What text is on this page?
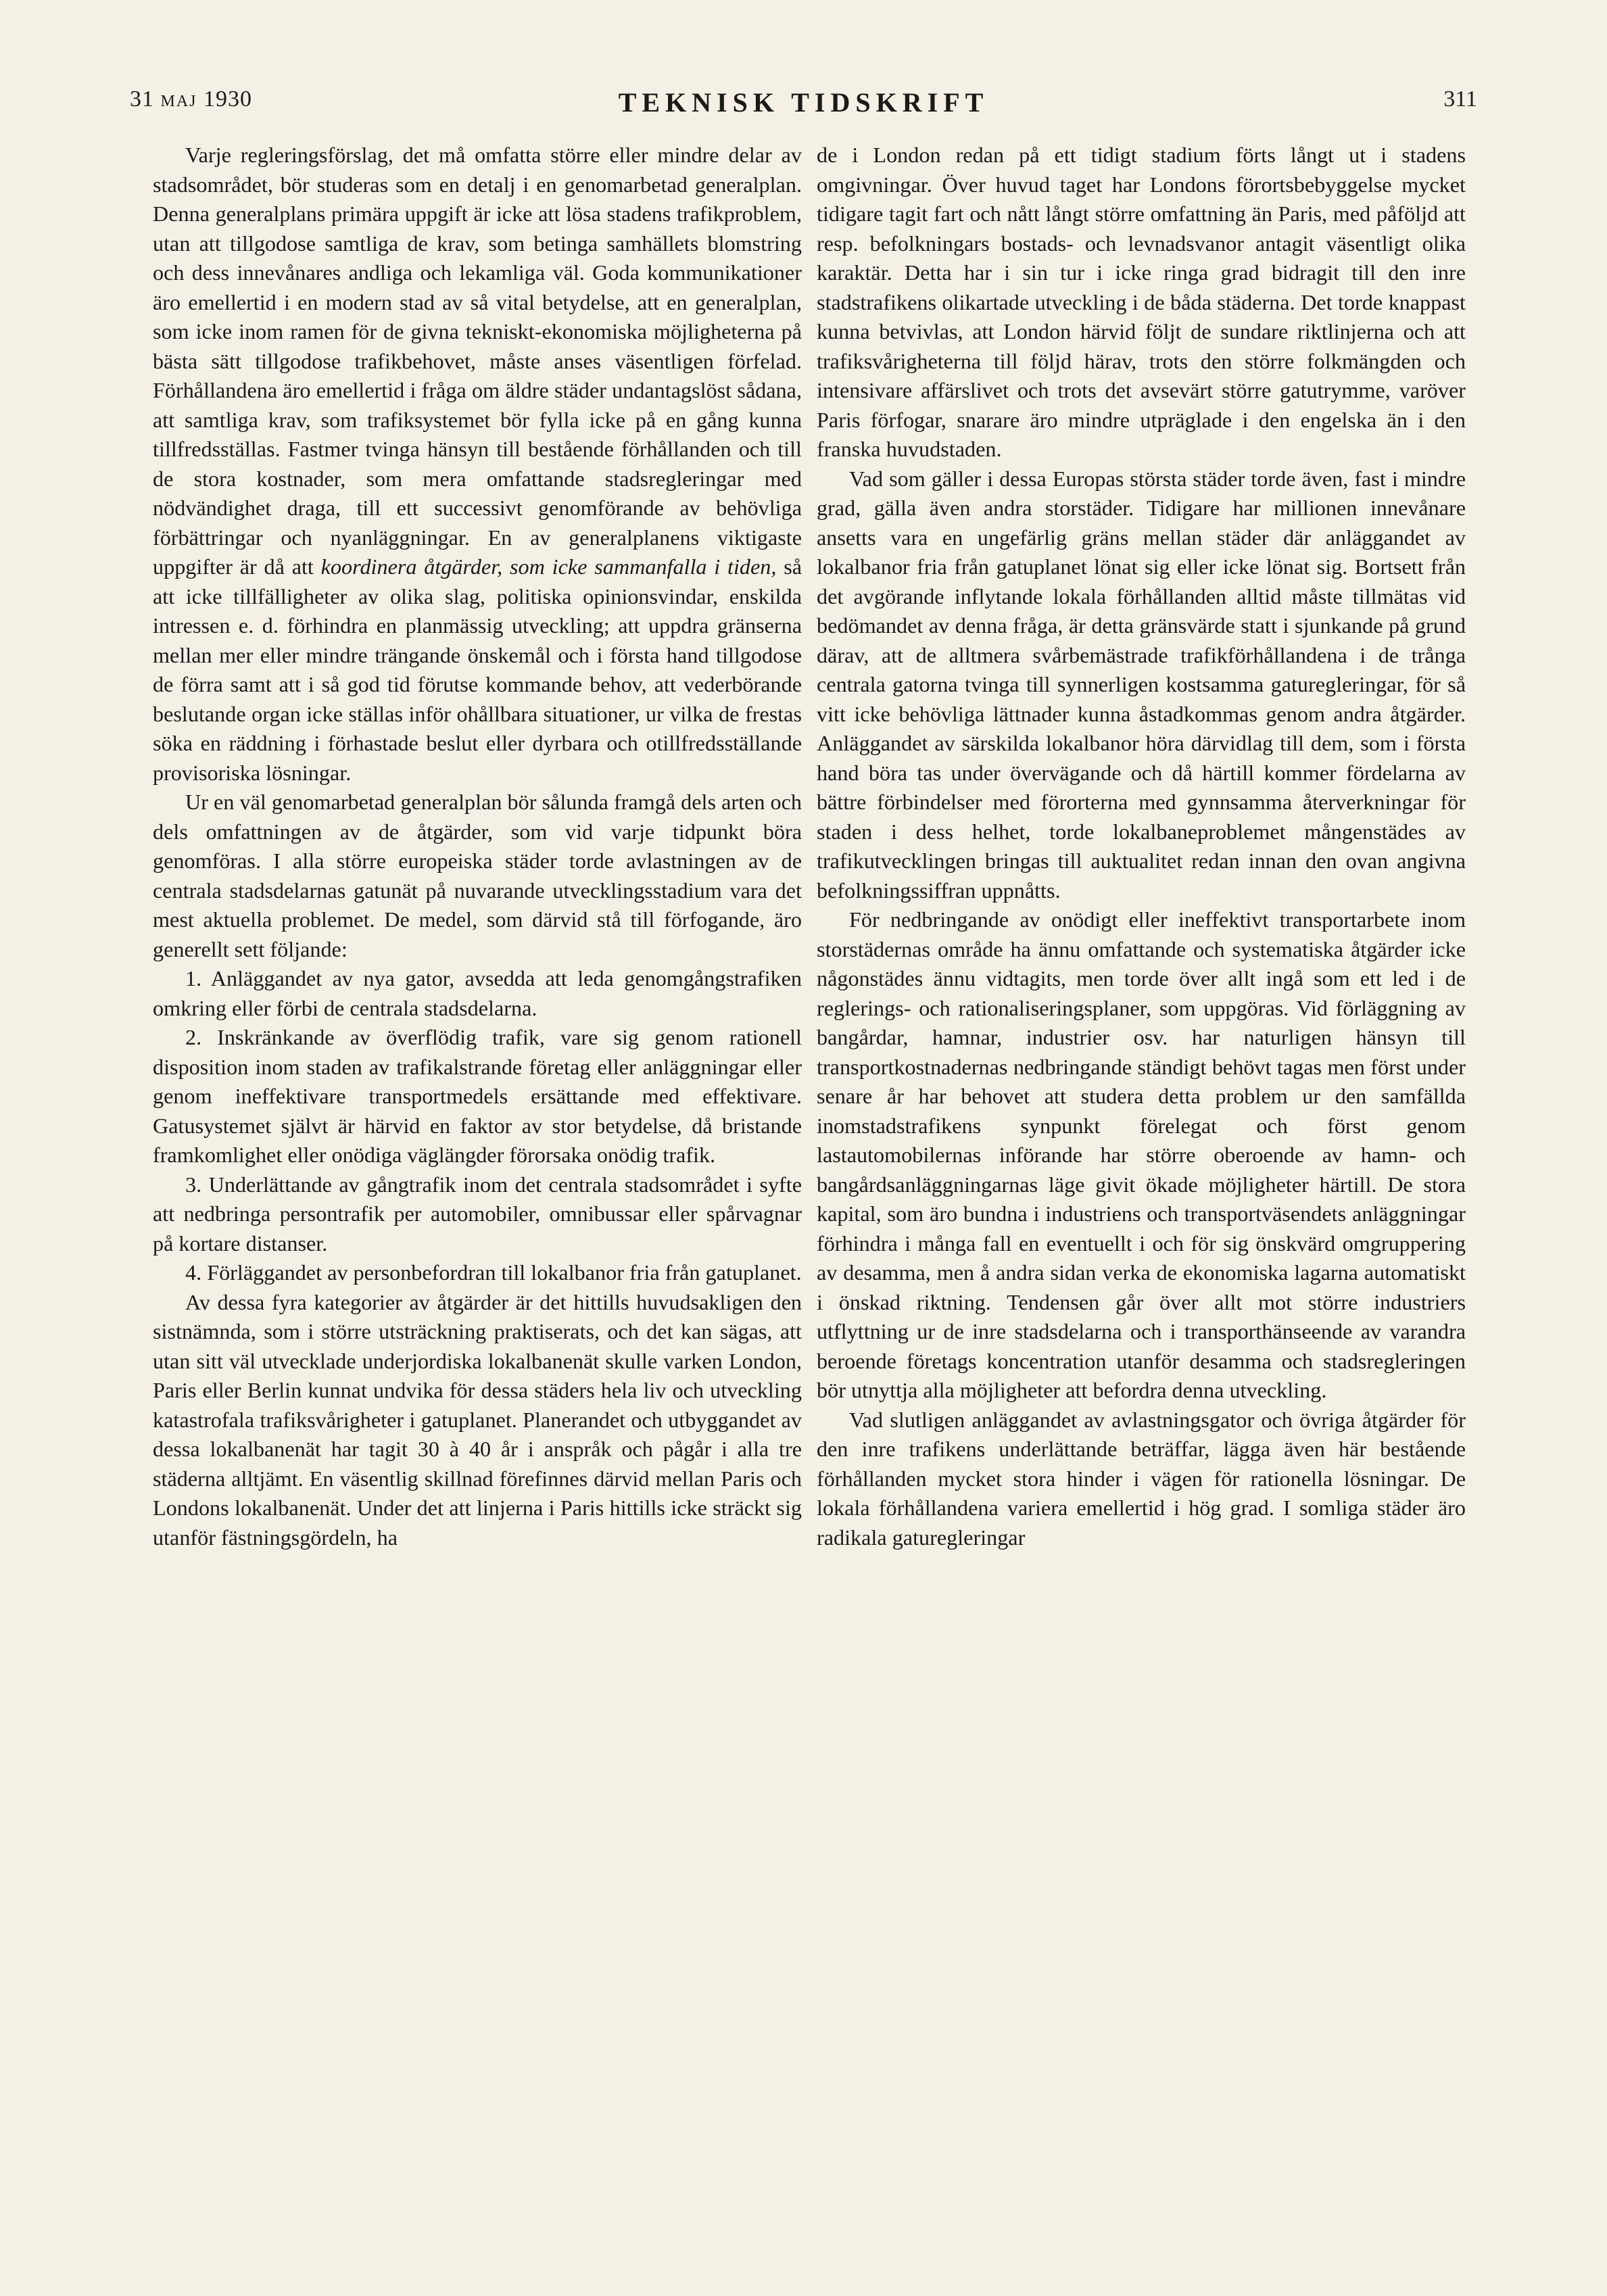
31 MAJ 1930	TEKNISK TIDSKRIFT	311

Varje regleringsförslag, det må omfatta större eller mindre delar av stadsområdet, bör studeras som en detalj i en genomarbetad generalplan. Denna generalplans primära uppgift är icke att lösa stadens trafikproblem, utan att tillgodose samtliga de krav, som betinga samhällets blomstring och dess innevånares andliga och lekamliga väl. Goda kommunikationer äro emellertid i en modern stad av så vital betydelse, att en generalplan, som icke inom ramen för de givna tekniskt-ekonomiska möjligheterna på bästa sätt tillgodose trafikbehovet, måste anses väsentligen förfelad. Förhållandena äro emellertid i fråga om äldre städer undantagslöst sådana, att samtliga krav, som trafiksystemet bör fylla icke på en gång kunna tillfredsställas. Fastmer tvinga hänsyn till bestående förhållanden och till de stora kostnader, som mera omfattande stadsregleringar med nödvändighet draga, till ett successivt genomförande av behövliga förbättringar och nyanläggningar. En av generalplanens viktigaste uppgifter är då att koordinera åtgärder, som icke sammanfalla i tiden, så att icke tillfälligheter av olika slag, politiska opinionsvindar, enskilda intressen e. d. förhindra en planmässig utveckling; att uppdra gränserna mellan mer eller mindre trängande önskemål och i första hand tillgodose de förra samt att i så god tid förutse kommande behov, att vederbörande beslutande organ icke ställas inför ohållbara situationer, ur vilka de frestas söka en räddning i förhastade beslut eller dyrbara och otillfredsställande provisoriska lösningar.

Ur en väl genomarbetad generalplan bör sålunda framgå dels arten och dels omfattningen av de åtgärder, som vid varje tidpunkt böra genomföras. I alla större europeiska städer torde avlastningen av de centrala stadsdelarnas gatunät på nuvarande utvecklingsstadium vara det mest aktuella problemet. De medel, som därvid stå till förfogande, äro generellt sett följande:

1. Anläggandet av nya gator, avsedda att leda genomgångstrafiken omkring eller förbi de centrala stadsdelarna.

2. Inskränkande av överflödig trafik, vare sig genom rationell disposition inom staden av trafikalstrande företag eller anläggningar eller genom ineffektivare transportmedels ersättande med effektivare. Gatusystemet självt är härvid en faktor av stor betydelse, då bristande framkomlighet eller onödiga väglängder förorsaka onödig trafik.

3. Underlättande av gångtrafik inom det centrala stadsområdet i syfte att nedbringa persontrafik per automobiler, omnibussar eller spårvagnar på kortare distanser.

4. Förläggandet av personbefordran till lokalbanor fria från gatuplanet.

Av dessa fyra kategorier av åtgärder är det hittills huvudsakligen den sistnämnda, som i större utsträckning praktiserats, och det kan sägas, att utan sitt väl utvecklade underjordiska lokalbanenät skulle varken London, Paris eller Berlin kunnat undvika för dessa städers hela liv och utveckling katastrofala trafiksvårigheter i gatuplanet. Planerandet och utbyggandet av dessa lokalbanenät har tagit 30 à 40 år i anspråk och pågår i alla tre städerna alltjämt. En väsentlig skillnad förefinnes därvid mellan Paris och Londons lokalbanenät. Under det att linjerna i Paris hittills icke sträckt sig utanför fästningsgördeln, ha

de i London redan på ett tidigt stadium förts långt ut i stadens omgivningar. Över huvud taget har Londons förortsbebyggelse mycket tidigare tagit fart och nått långt större omfattning än Paris, med påföljd att resp. befolkningars bostads- och levnadsvanor antagit väsentligt olika karaktär. Detta har i sin tur i icke ringa grad bidragit till den inre stadstrafikens olikartade utveckling i de båda städerna. Det torde knappast kunna betvivlas, att London härvid följt de sundare riktlinjerna och att trafiksvårigheterna till följd härav, trots den större folkmängden och intensivare affärslivet och trots det avsevärt större gatutrymme, varöver Paris förfogar, snarare äro mindre utpräglade i den engelska än i den franska huvudstaden.

Vad som gäller i dessa Europas största städer torde även, fast i mindre grad, gälla även andra storstäder. Tidigare har millionen innevånare ansetts vara en ungefärlig gräns mellan städer där anläggandet av lokalbanor fria från gatuplanet lönat sig eller icke lönat sig. Bortsett från det avgörande inflytande lokala förhållanden alltid måste tillmätas vid bedömandet av denna fråga, är detta gränsvärde statt i sjunkande på grund därav, att de alltmera svårbemästrade trafikförhållandena i de trånga centrala gatorna tvinga till synnerligen kostsamma gaturegleringar, för så vitt icke behövliga lättnader kunna åstadkommas genom andra åtgärder. Anläggandet av särskilda lokalbanor höra därvidlag till dem, som i första hand böra tas under övervägande och då härtill kommer fördelarna av bättre förbindelser med förorterna med gynnsamma återverkningar för staden i dess helhet, torde lokalbaneproblemet mångenstädes av trafikutvecklingen bringas till auktualitet redan innan den ovan angivna befolkningssiffran uppnåtts.

För nedbringande av onödigt eller ineffektivt transportarbete inom storstädernas område ha ännu omfattande och systematiska åtgärder icke någonstädes ännu vidtagits, men torde över allt ingå som ett led i de reglerings- och rationaliseringsplaner, som uppgöras. Vid förläggning av bangårdar, hamnar, industrier osv. har naturligen hänsyn till transportkostnadernas nedbringande ständigt behövt tagas men först under senare år har behovet att studera detta problem ur den samfällda inomstadstrafikens synpunkt förelegat och först genom lastautomobilernas införande har större oberoende av hamn- och bangårdsanläggningarnas läge givit ökade möjligheter härtill. De stora kapital, som äro bundna i industriens och transportväsendets anläggningar förhindra i många fall en eventuellt i och för sig önskvärd omgruppering av desamma, men å andra sidan verka de ekonomiska lagarna automatiskt i önskad riktning. Tendensen går över allt mot större industriers utflyttning ur de inre stadsdelarna och i transporthänseende av varandra beroende företags koncentration utanför desamma och stadsregleringen bör utnyttja alla möjligheter att befordra denna utveckling.

Vad slutligen anläggandet av avlastningsgator och övriga åtgärder för den inre trafikens underlättande beträffar, lägga även här bestående förhållanden mycket stora hinder i vägen för rationella lösningar. De lokala förhållandena variera emellertid i hög grad. I somliga städer äro radikala gaturegleringar
